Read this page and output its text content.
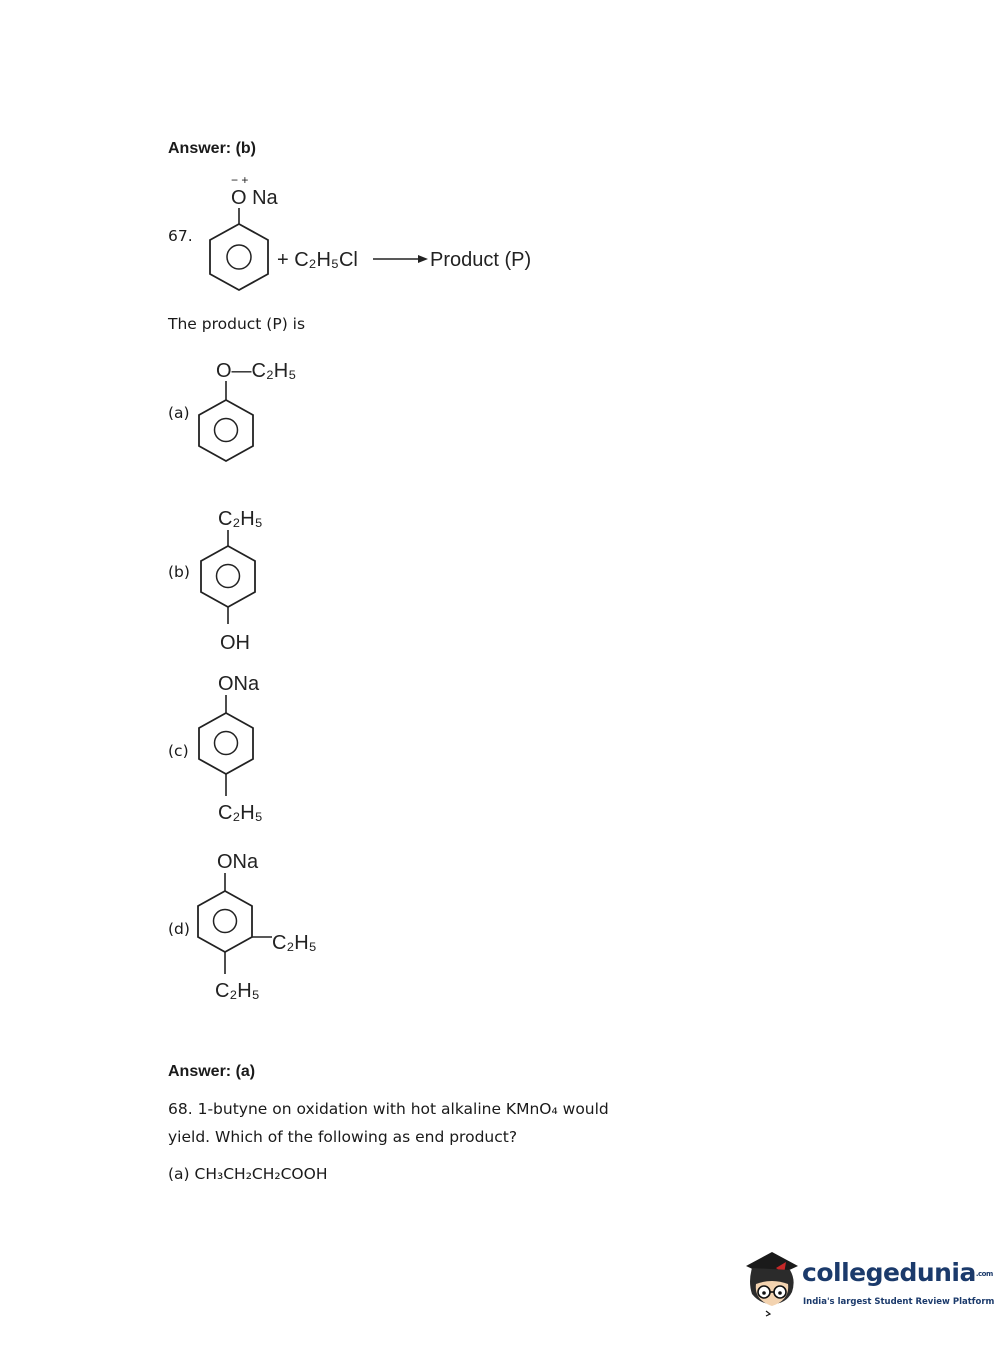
Answer: (b)
67.
− +
O Na
+ C₂H₅Cl	Product (P)
The product (P) is
(a)
O—C₂H₅
(b)
C₂H₅
OH
(c)
ONa
C₂H₅
(d)
ONa
C₂H₅
C₂H₅
Answer: (a)
68. 1-butyne on oxidation with hot alkaline KMnO₄ would
yield. Which of the following as end product?
(a) CH₃CH₂CH₂COOH
collegedunia.com
India's largest Student Review Platform
